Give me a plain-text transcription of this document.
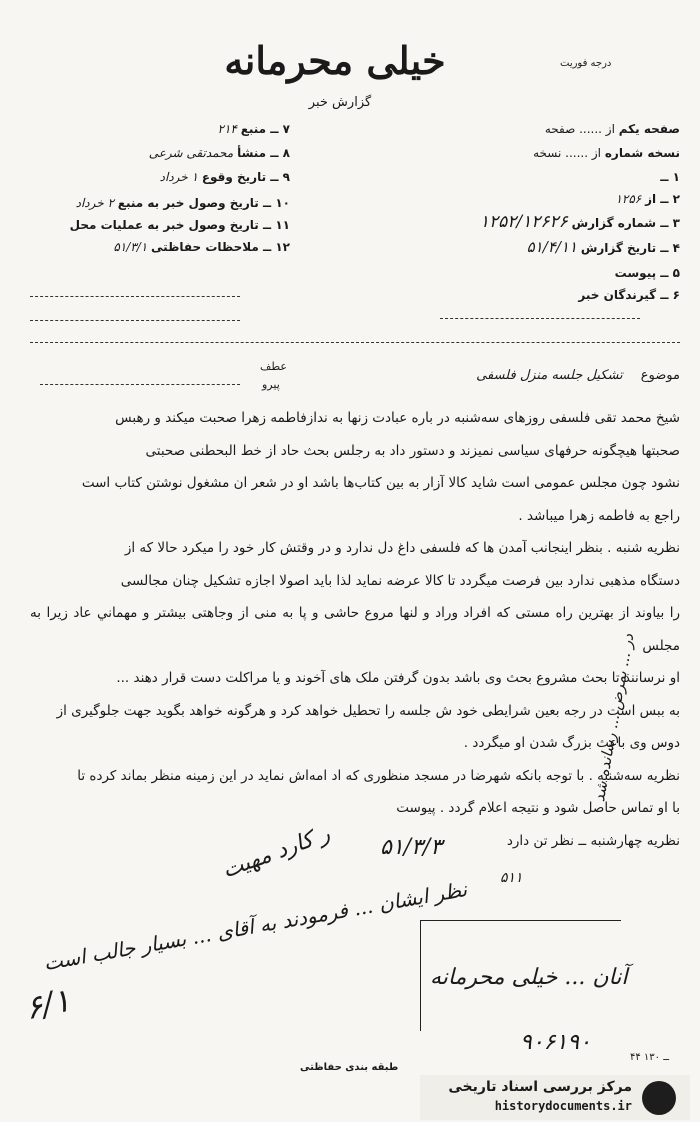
خیلی محرمانه
گزارش خبر
درجه فوریت
صفحه یکم از ...... صفحه
نسخه شماره از ...... نسخه
۱ ــ
۲ ــ از ۱۲۵۶
۳ ــ شماره گزارش ۱۲۵۲/۱۲۶۲۶
۴ ــ تاریخ گزارش ۵۱/۴/۱۱
۵ ــ پیوست
۶ ــ گیرندگان خبر
۷ ــ منبع ۲۱۴
۸ ــ منشأ محمدتقی شرعی
۹ ــ تاریخ وقوع ۱ خرداد
۱۰ ــ تاریخ وصول خبر به منبع ۲ خرداد
۱۱ ــ تاریخ وصول خبر به عملیات محل
۱۲ ــ ملاحظات حفاظتی ۵۱/۳/۱
موضوع تشکیل جلسه منزل فلسفی
عطف
پیرو

شیخ محمد تقی فلسفی روزهای سه‌شنبه در باره عبادت زنها به ندازفاطمه زهرا صحبت میکند و رهبس

صحبتها هیچگونه حرفهای سیاسی نمیزند و دستور داد به رجلس بحث حاد از خط البحطنی صحبتی

نشود چون مجلس عمومی است شاید کالا آزار به بین کتاب‌ها باشد او در شعر ان مشغول نوشتن کتاب است

راجع به فاطمه زهرا میباشد .

نظریه شنبه . بنظر اینجانب آمدن ها که فلسفی داغ دل ندارد و در وقتش کار خود را میکرد حالا که از

دستگاه مذهبی ندارد بین فرصت میگردد تا کالا عرضه نماید لذا باید اصولا اجازه تشکیل چنان مجالسی

را بیاوند از بهترین راه مستی که افراد وراد و لنها مروع حاشی و پا به منی از وجاهتی بیشتر و مهماني عاد زیرا به مجلس

او نرسانند تا بحث مشروع بحث وی باشد بدون گرفتن ملک های آخوند و یا مراکلت دست قرار دهند ...

به ببس است در رجه بعین شرایطی خود ش جلسه را تحطیل خواهد کرد و هرگونه خواهد بگوید جهت جلوگیری از

دوس وی باعث بزرگ شدن او میگردد .

نظریه سه‌شنبه . با توجه بانکه شهرضا در مسجد منظوری که اد امه‌اش نماید در این زمینه منظر بماند کرده تا

با او تماس حاصل شود و نتیجه اعلام گردد . پیوست

نظریه چهارشنبه ــ نظر تن دارد

۵۱/۳/۳
۵۱۱
ر کارد مهیت
نظر ایشان ... فرمودند به آقای ... بسیار جالب است
در ... بمرض ... رسانده شد
۶/۱
آنان ... خیلی محرمانه
۹۰۶۱۹۰
طبقه بندی حفاظتی
۴۴ ــ ۱۳۰
مرکز بررسی اسناد تاریخی
historydocuments.ir
